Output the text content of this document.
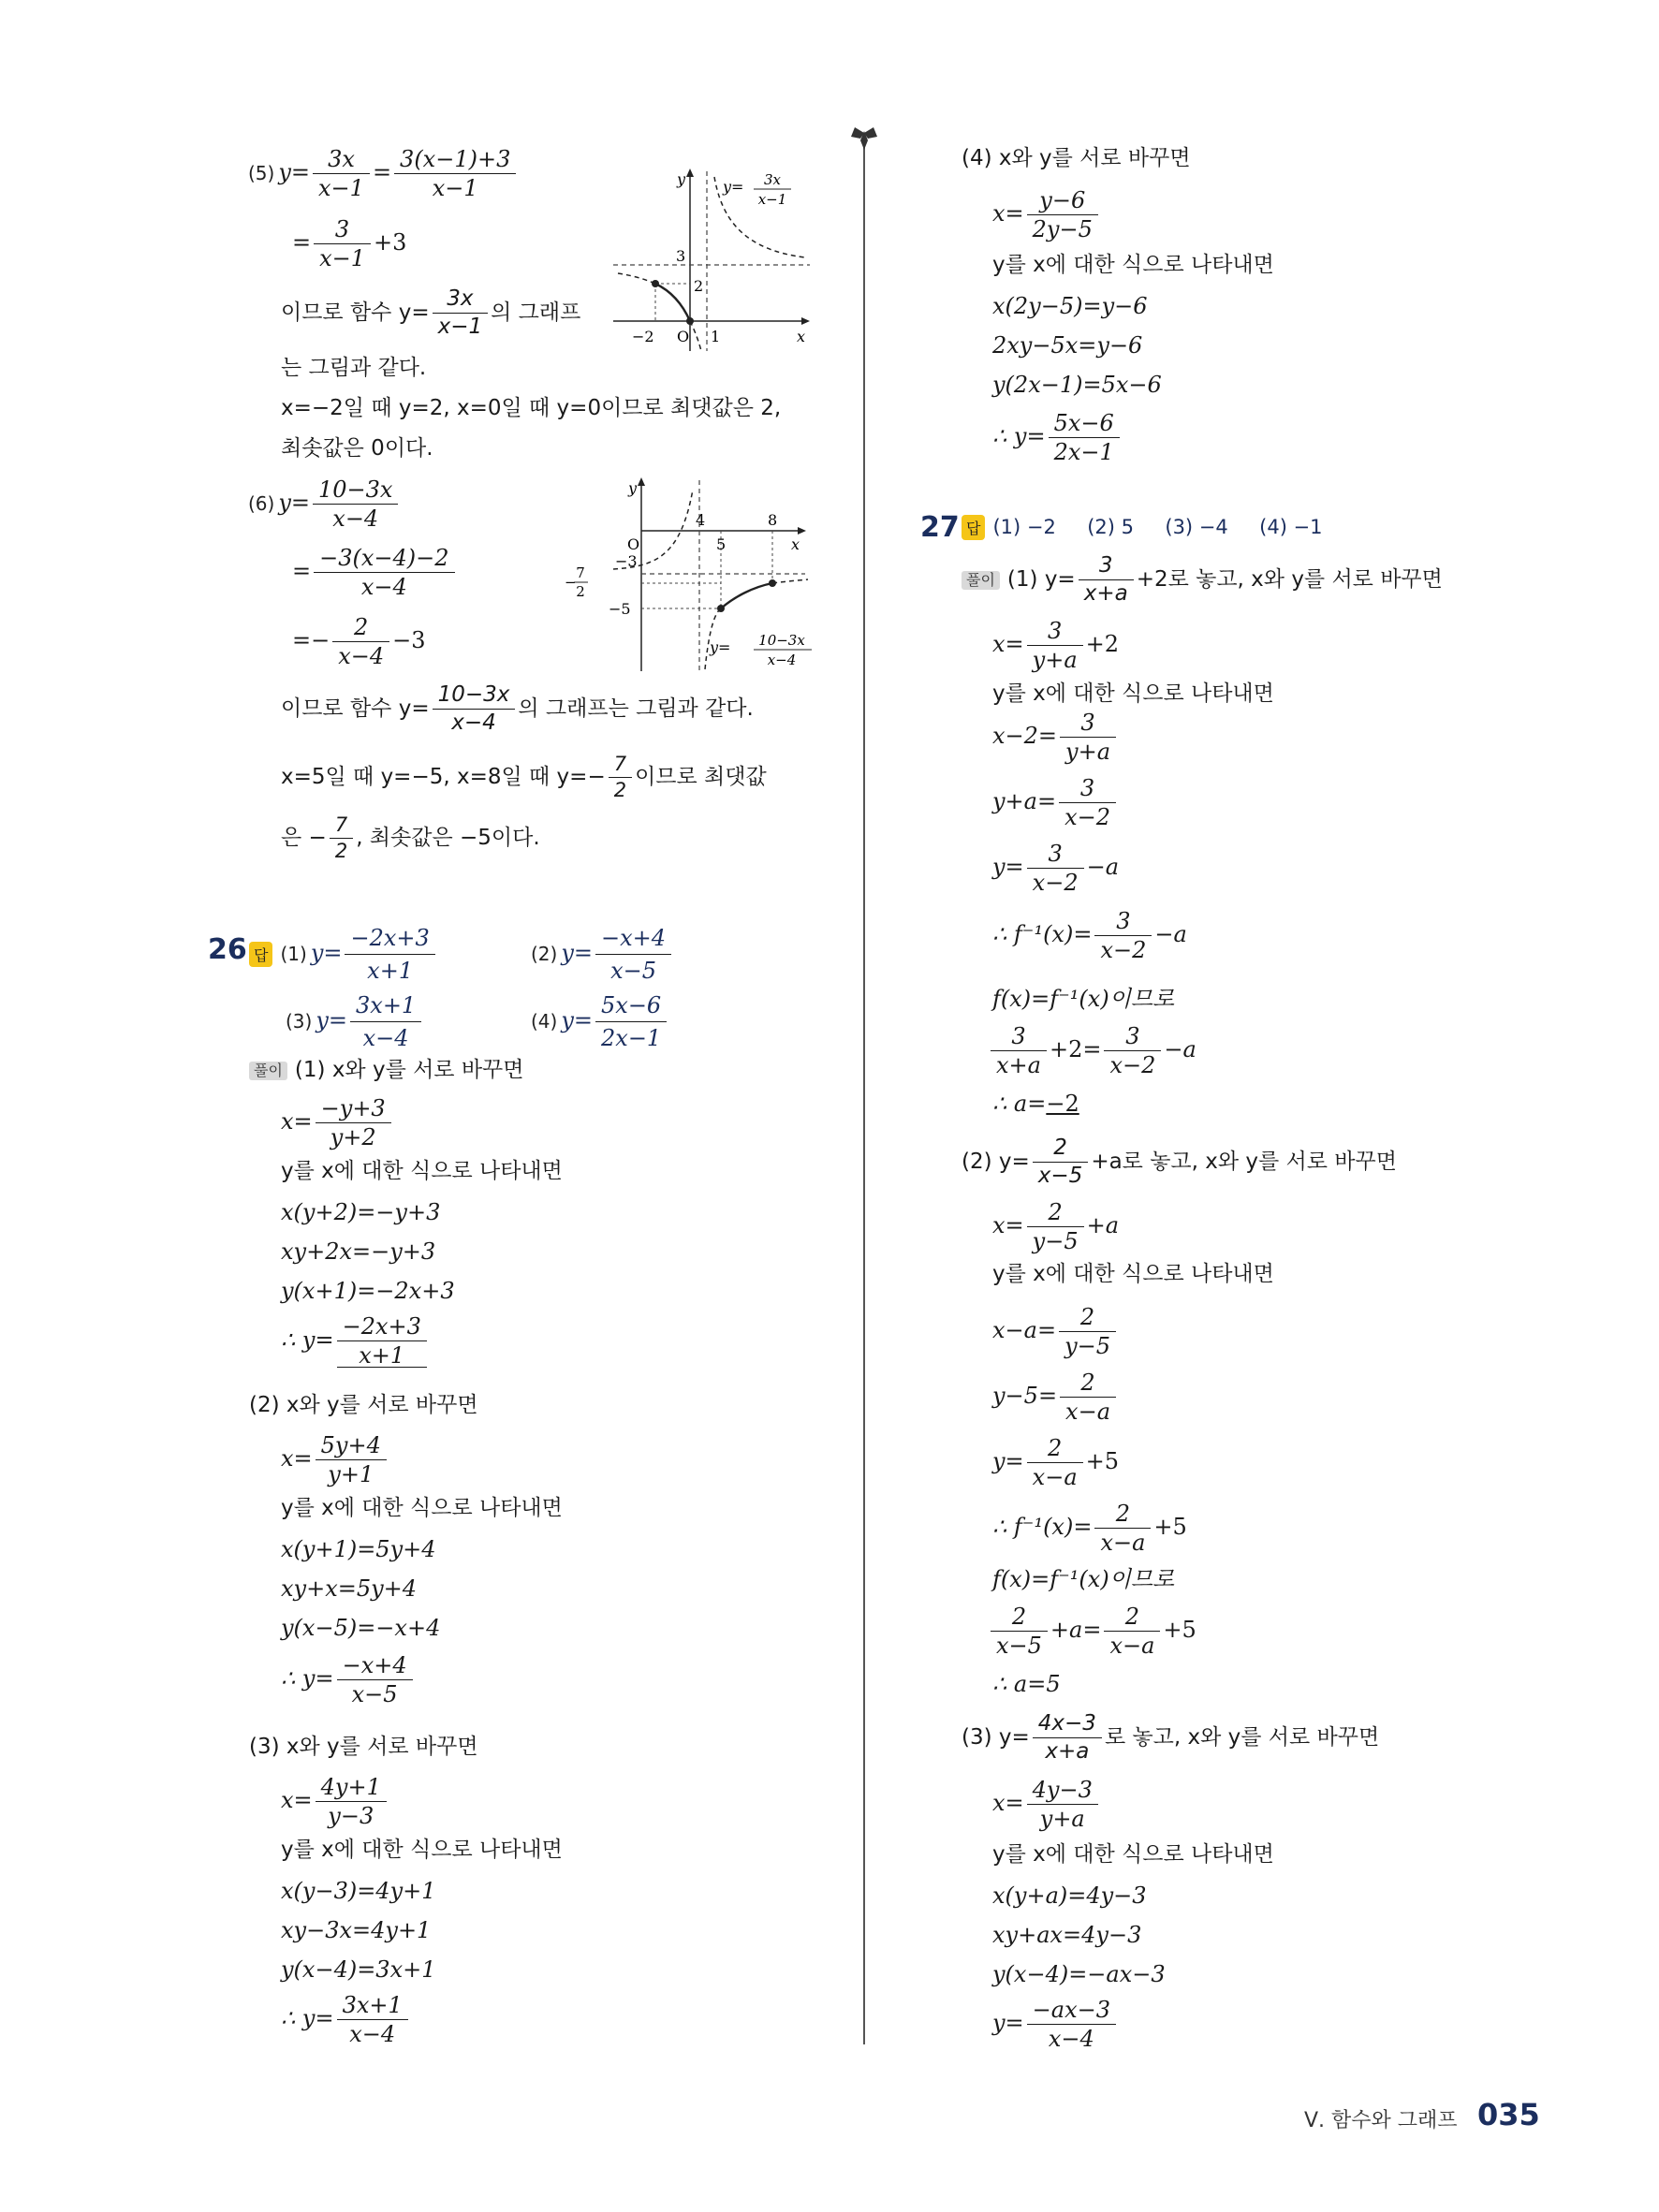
(5) $y= \frac{3x}{x-1} = \frac{3(x-1)+3}{x-1}$
= $\frac{3}{x-1} +3$
이므로 함수 $y= \frac{3x}{x-1}$ 의 그래프
는 그림과 같다.
x=−2일 때 y=2, x=0일 때 y=0이므로 최댓값은 2,
최솟값은 0이다.
y
x
O
3
2
−2	1
y= 3x
x−1
(6) $y= \frac{10-3x}{x-4}$
= $\frac{-3(x-4)-2}{x-4}$
=− $\frac{2}{x-4} -3$
이므로 함수 $y= \frac{10-3x}{x-4}$ 의 그래프는 그림과 같다.
x=5일 때 y=−5, x=8일 때 $y=- \frac{7}{2}$ 이므로 최댓값
은 − $\frac{7}{2}$ , 최솟값은 −5이다.
y
x
O
4	8
5
−3
−5
−
7
2
y= 10−3x
x−4
26 답 (1) $y= \frac{-2x+3}{x+1}$	(2) $y= \frac{-x+4}{x-5}$
(3) $y= \frac{3x+1}{x-4}$	(4) $y= \frac{5x-6}{2x-1}$
풀이 (1) x와 y를 서로 바꾸면
$x= \frac{-y+3}{y+2}$
y를 x에 대한 식으로 나타내면
x(y+2)=−y+3
xy+2x=−y+3
y(x+1)=−2x+3
∴ $y= \frac{-2x+3}{x+1}$
(2) x와 y를 서로 바꾸면
$x= \frac{5y+4}{y+1}$
y를 x에 대한 식으로 나타내면
x(y+1)=5y+4
xy+x=5y+4
y(x−5)=−x+4
∴ $y= \frac{-x+4}{x-5}$
(3) x와 y를 서로 바꾸면
$x= \frac{4y+1}{y-3}$
y를 x에 대한 식으로 나타내면
x(y−3)=4y+1
xy−3x=4y+1
y(x−4)=3x+1
∴ $y= \frac{3x+1}{x-4}$
(4) x와 y를 서로 바꾸면
$x= \frac{y-6}{2y-5}$
y를 x에 대한 식으로 나타내면
x(2y−5)=y−6
2xy−5x=y−6
y(2x−1)=5x−6
∴ $y= \frac{5x-6}{2x-1}$
27 답 (1) −2     (2) 5     (3) −4     (4) −1
풀이 (1) $y= \frac{3}{x+a} +2$로 놓고, x와 y를 서로 바꾸면
$x= \frac{3}{y+a} +2$
y를 x에 대한 식으로 나타내면
$x-2= \frac{3}{y+a}$
$y+a= \frac{3}{x-2}$
$y= \frac{3}{x-2} -a$
∴ $f^{-1}(x)= \frac{3}{x-2} -a$
f(x)=f⁻¹(x)이므로
$\frac{3}{x+a} +2= \frac{3}{x-2} -a$
∴ a=−2
(2) $y= \frac{2}{x-5} +a$로 놓고, x와 y를 서로 바꾸면
$x= \frac{2}{y-5} +a$
y를 x에 대한 식으로 나타내면
$x-a= \frac{2}{y-5}$
$y-5= \frac{2}{x-a}$
$y= \frac{2}{x-a} +5$
∴ $f^{-1}(x)= \frac{2}{x-a} +5$
f(x)=f⁻¹(x)이므로
$\frac{2}{x-5} +a= \frac{2}{x-a} +5$
∴ a=5
(3) $y= \frac{4x-3}{x+a}$ 로 놓고, x와 y를 서로 바꾸면
$x= \frac{4y-3}{y+a}$
y를 x에 대한 식으로 나타내면
x(y+a)=4y−3
xy+ax=4y−3
y(x−4)=−ax−3
$y= \frac{-ax-3}{x-4}$
Ⅴ. 함수와 그래프 035
